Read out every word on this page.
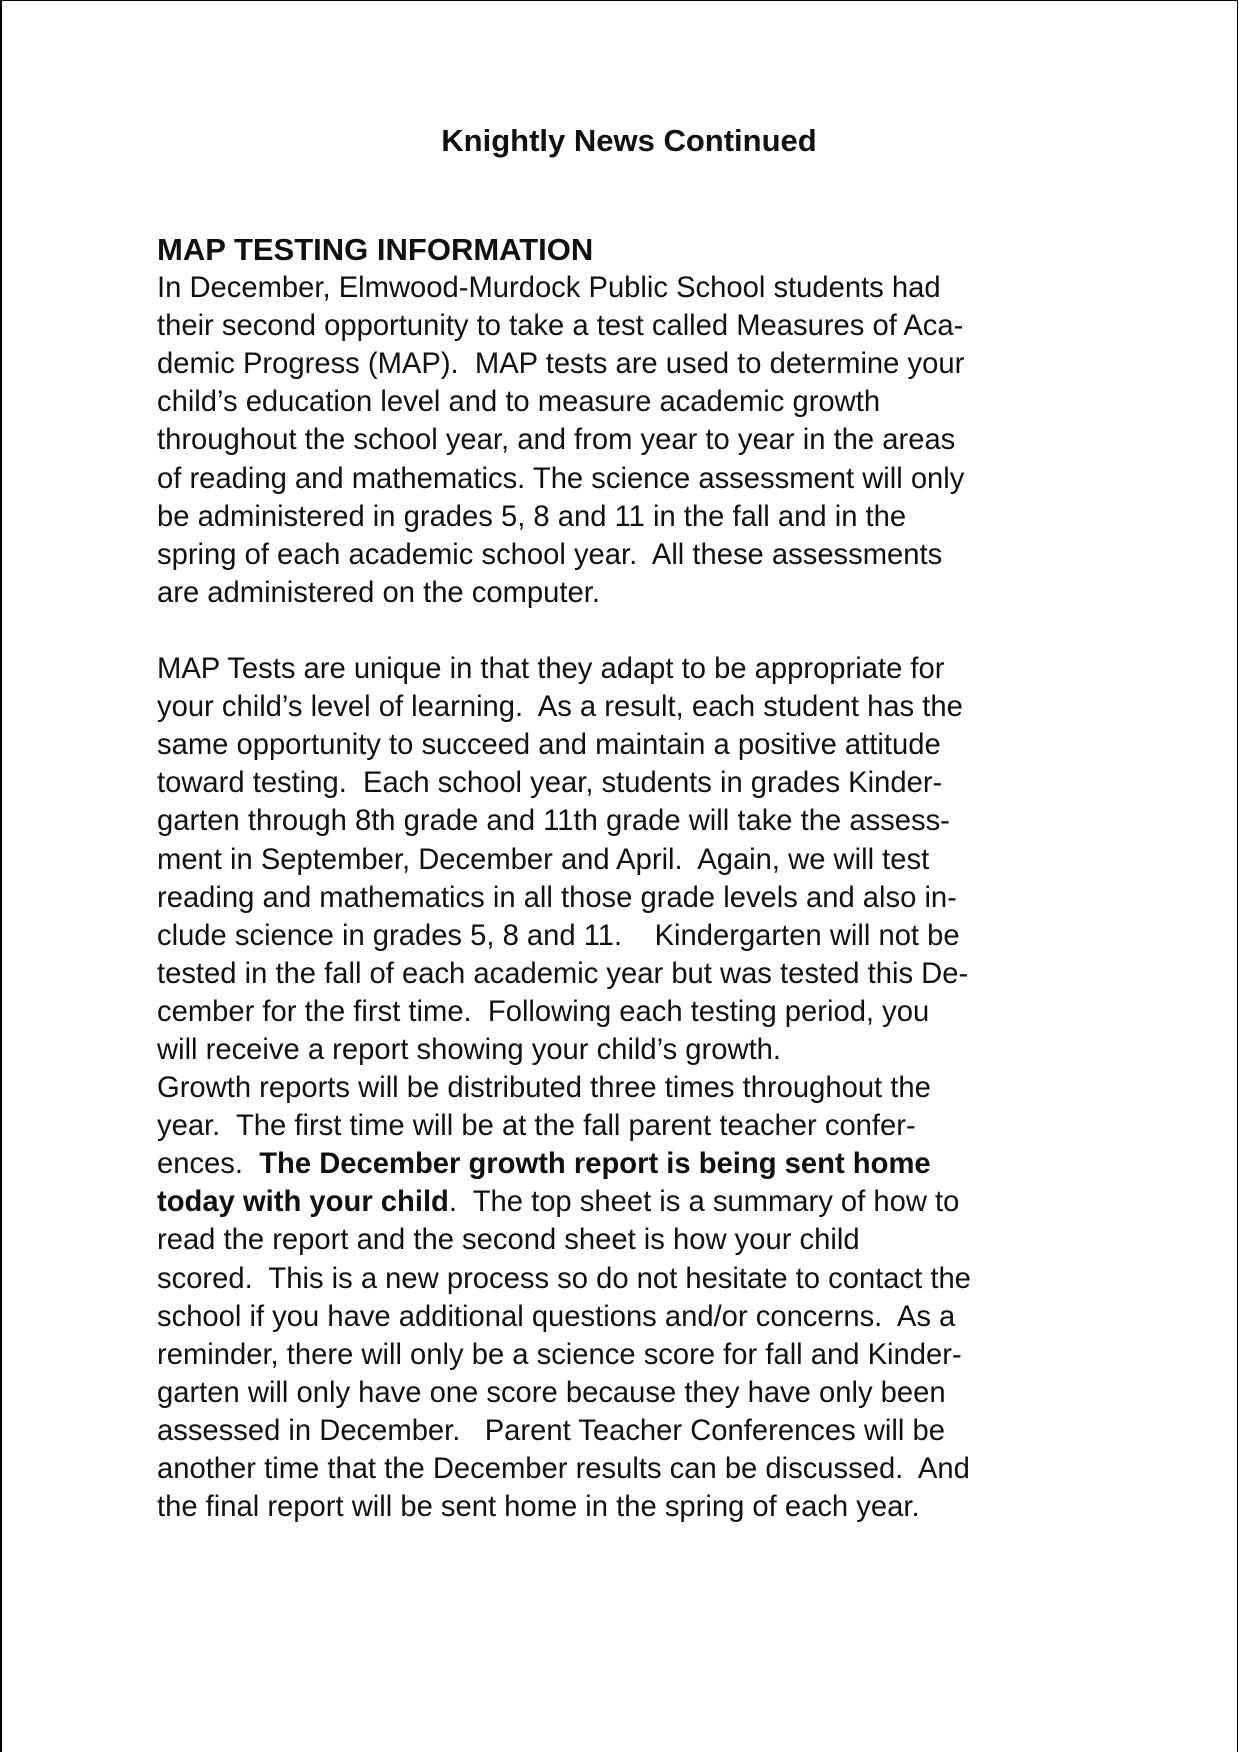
Knightly News Continued
MAP TESTING INFORMATION
In December, Elmwood-Murdock Public School students had
their second opportunity to take a test called Measures of Aca-
demic Progress (MAP).  MAP tests are used to determine your
child’s education level and to measure academic growth
throughout the school year, and from year to year in the areas
of reading and mathematics. The science assessment will only
be administered in grades 5, 8 and 11 in the fall and in the
spring of each academic school year.  All these assessments
are administered on the computer.
MAP Tests are unique in that they adapt to be appropriate for
your child’s level of learning.  As a result, each student has the
same opportunity to succeed and maintain a positive attitude
toward testing.  Each school year, students in grades Kinder-
garten through 8th grade and 11th grade will take the assess-
ment in September, December and April.  Again, we will test
reading and mathematics in all those grade levels and also in-
clude science in grades 5, 8 and 11.    Kindergarten will not be
tested in the fall of each academic year but was tested this De-
cember for the first time.  Following each testing period, you
will receive a report showing your child’s growth.
Growth reports will be distributed three times throughout the
year.  The first time will be at the fall parent teacher confer-
ences.  The December growth report is being sent home
today with your child.  The top sheet is a summary of how to
read the report and the second sheet is how your child
scored.  This is a new process so do not hesitate to contact the
school if you have additional questions and/or concerns.  As a
reminder, there will only be a science score for fall and Kinder-
garten will only have one score because they have only been
assessed in December.   Parent Teacher Conferences will be
another time that the December results can be discussed.  And
the final report will be sent home in the spring of each year.
